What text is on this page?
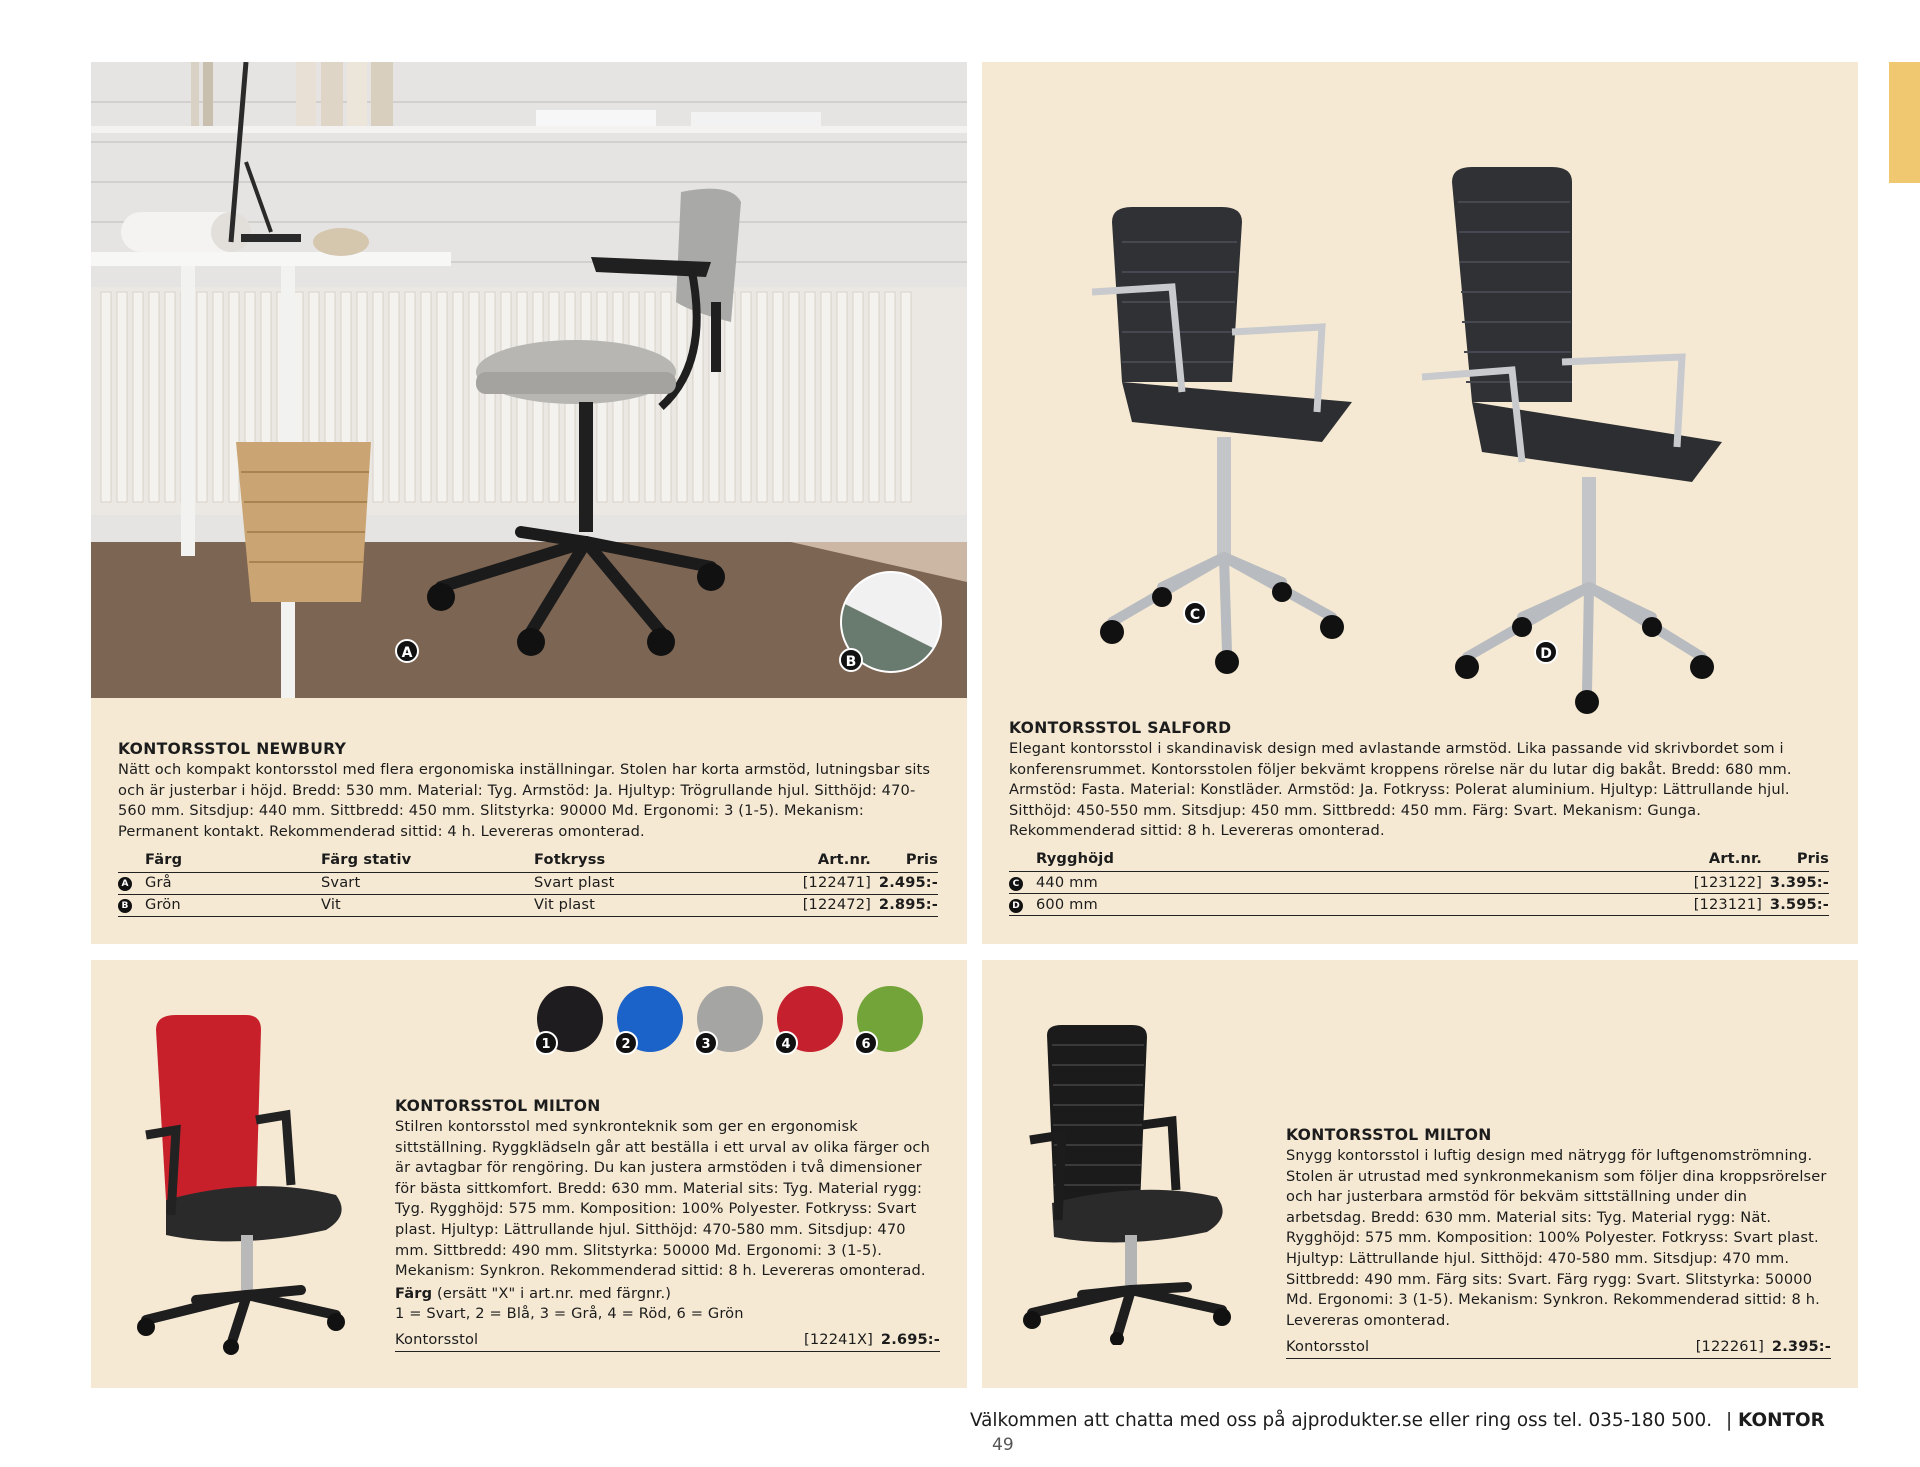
A
B
KONTORSSTOL NEWBURY

Nätt och kompakt kontorsstol med flera ergonomiska inställningar. Stolen har korta armstöd, lutningsbar sits och är justerbar i höjd. Bredd: 530 mm. Material: Tyg. Armstöd: Ja. Hjultyp: Trögrullande hjul. Sitthöjd: 470-560 mm. Sitsdjup: 440 mm. Sittbredd: 450 mm. Slitstyrka: 90000 Md. Ergonomi: 3 (1-5). Mekanism: Permanent kontakt. Rekommenderad sittid: 4 h. Levereras omonterad.

Färg	Färg stativ	Fotkryss	Art.nr.	Pris
A Grå	Svart	Svart plast	[122471]	2.495:-
B Grön	Vit	Vit plast	[122472]	2.895:-
C
D
KONTORSSTOL SALFORD

Elegant kontorsstol i skandinavisk design med avlastande armstöd. Lika passande vid skrivbordet som i konferensrummet. Kontorsstolen följer bekvämt kroppens rörelse när du lutar dig bakåt. Bredd: 680 mm. Armstöd: Fasta. Material: Konstläder. Armstöd: Ja. Fotkryss: Polerat aluminium. Hjultyp: Lättrullande hjul. Sitthöjd: 450-550 mm. Sitsdjup: 450 mm. Sittbredd: 450 mm. Färg: Svart. Mekanism: Gunga. Rekommenderad sittid: 8 h. Levereras omonterad.

Rygghöjd	Art.nr.	Pris
C 440 mm	[123122]	3.395:-
D 600 mm	[123121]	3.595:-
1	2	3	4	6
KONTORSSTOL MILTON

Stilren kontorsstol med synkronteknik som ger en ergonomisk sittställning. Ryggklädseln går att beställa i ett urval av olika färger och är avtagbar för rengöring. Du kan justera armstöden i två dimensioner för bästa sittkomfort. Bredd: 630 mm. Material sits: Tyg. Material rygg: Tyg. Rygghöjd: 575 mm. Komposition: 100% Polyester. Fotkryss: Svart plast. Hjultyp: Lättrullande hjul. Sitthöjd: 470-580 mm. Sitsdjup: 470 mm. Sittbredd: 490 mm. Slitstyrka: 50000 Md. Ergonomi: 3 (1-5). Mekanism: Synkron. Rekommenderad sittid: 8 h. Levereras omonterad.

Färg (ersätt "X" i art.nr. med färgnr.)

1 = Svart, 2 = Blå, 3 = Grå, 4 = Röd, 6 = Grön

Kontorsstol	[12241X]	2.695:-
KONTORSSTOL MILTON

Snygg kontorsstol i luftig design med nätrygg för luftgenomströmning. Stolen är utrustad med synkronmekanism som följer dina kroppsrörelser och har justerbara armstöd för bekväm sittställning under din arbetsdag. Bredd: 630 mm. Material sits: Tyg. Material rygg: Nät. Rygghöjd: 575 mm. Komposition: 100% Polyester. Fotkryss: Svart plast. Hjultyp: Lättrullande hjul. Sitthöjd: 470-580 mm. Sitsdjup: 470 mm. Sittbredd: 490 mm. Färg sits: Svart. Färg rygg: Svart. Slitstyrka: 50000 Md. Ergonomi: 3 (1-5). Mekanism: Synkron. Rekommenderad sittid: 8 h. Levereras omonterad.

Kontorsstol	[122261]	2.395:-
Välkommen att chatta med oss på ajprodukter.se eller ring oss tel. 035-180 500. | KONTOR 49
